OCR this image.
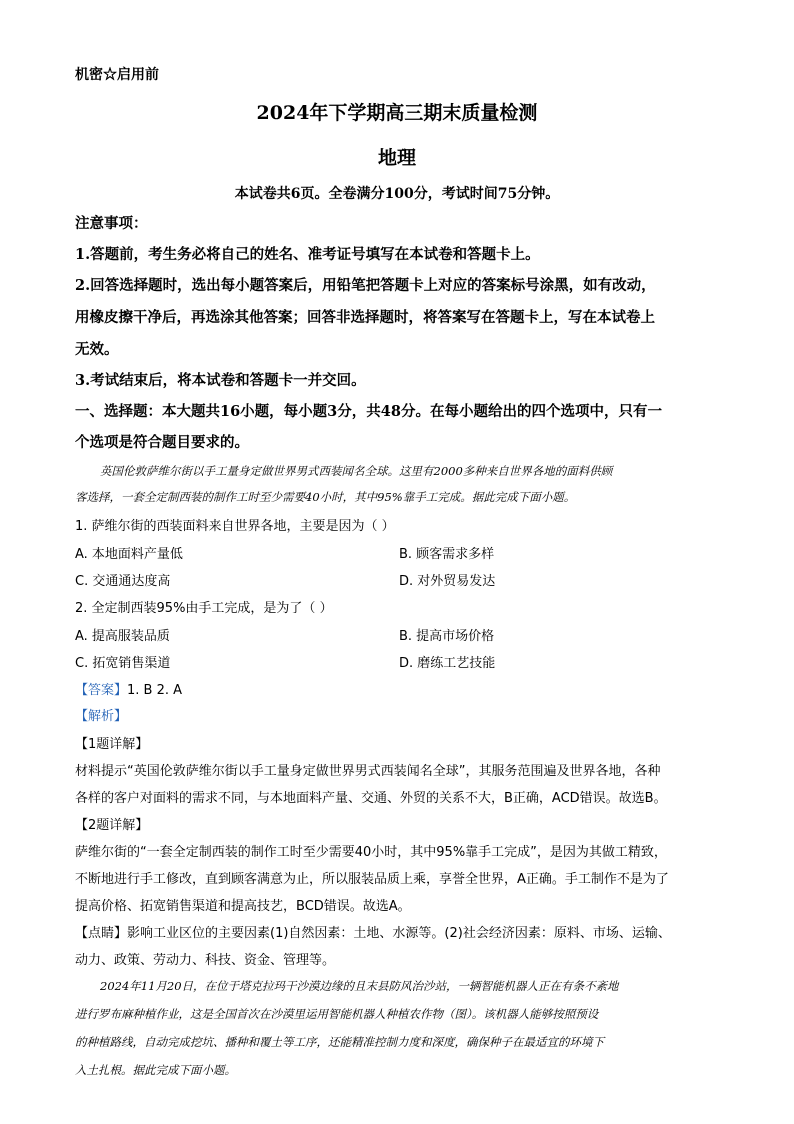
机密☆启用前
2024年下学期高三期末质量检测
地理
本试卷共6页。全卷满分100分，考试时间75分钟。
注意事项：
1.答题前，考生务必将自己的姓名、准考证号填写在本试卷和答题卡上。
2.回答选择题时，选出每小题答案后，用铅笔把答题卡上对应的答案标号涂黑，如有改动，
用橡皮擦干净后，再选涂其他答案；回答非选择题时，将答案写在答题卡上，写在本试卷上
无效。
3.考试结束后，将本试卷和答题卡一并交回。
一、选择题：本大题共16小题，每小题3分，共48分。在每小题给出的四个选项中，只有一
个选项是符合题目要求的。
英国伦敦萨维尔街以手工量身定做世界男式西装闻名全球。这里有2000多种来自世界各地的面料供顾
客选择，一套全定制西装的制作工时至少需要40小时，其中95%靠手工完成。据此完成下面小题。
1. 萨维尔街的西装面料来自世界各地，主要是因为（ ）
A. 本地面料产量低	B. 顾客需求多样
C. 交通通达度高	D. 对外贸易发达
2. 全定制西装95%由手工完成，是为了（ ）
A. 提高服装品质	B. 提高市场价格
C. 拓宽销售渠道	D. 磨练工艺技能
【答案】1. B 2. A
【解析】
【1题详解】
材料提示“英国伦敦萨维尔街以手工量身定做世界男式西装闻名全球”，其服务范围遍及世界各地，各种
各样的客户对面料的需求不同，与本地面料产量、交通、外贸的关系不大，B正确，ACD错误。故选B。
【2题详解】
萨维尔街的“一套全定制西装的制作工时至少需要40小时，其中95%靠手工完成”，是因为其做工精致，
不断地进行手工修改，直到顾客满意为止，所以服装品质上乘，享誉全世界，A正确。手工制作不是为了
提高价格、拓宽销售渠道和提高技艺，BCD错误。故选A。
【点睛】影响工业区位的主要因素(1)自然因素：土地、水源等。(2)社会经济因素：原料、市场、运输、
动力、政策、劳动力、科技、资金、管理等。
2024年11月20日，在位于塔克拉玛干沙漠边缘的且末县防风治沙站，一辆智能机器人正在有条不紊地
进行罗布麻种植作业，这是全国首次在沙漠里运用智能机器人种植农作物（图）。该机器人能够按照预设
的种植路线，自动完成挖坑、播种和覆土等工序，还能精准控制力度和深度，确保种子在最适宜的环境下
入土扎根。据此完成下面小题。
